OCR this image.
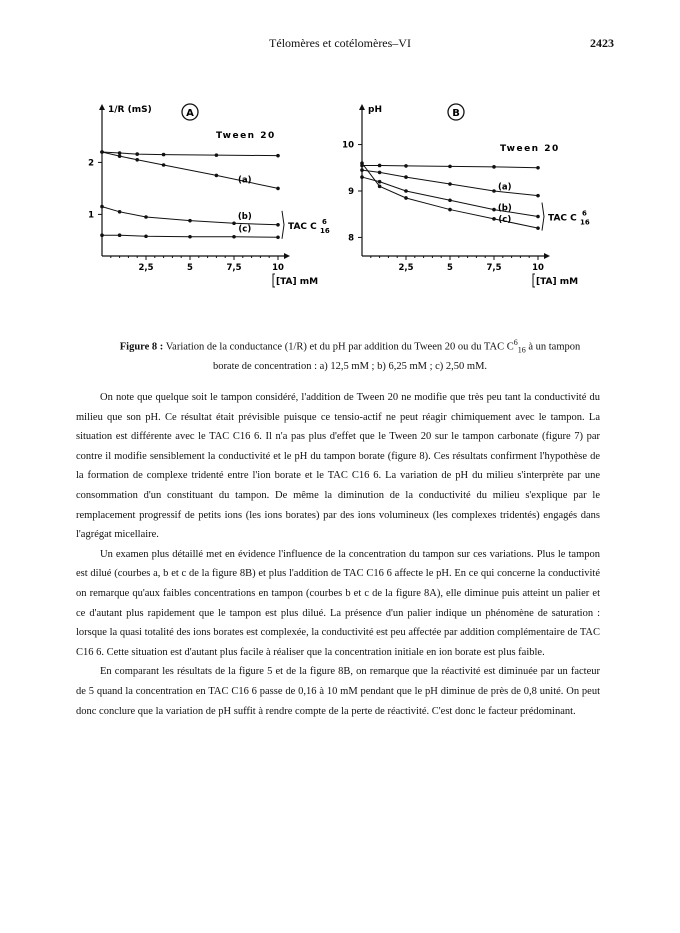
Télomères et cotélomères–VI	2423
1/R (mS)	A
2,5	5	7,5	10
1
2
[TA] mM
Tween 20
(a)
(b)
(c)	TAC C 16
6
pH	B
2,5	5	7,5	10
8
9
10
[TA] mM
Tween 20
(a)
(b)
(c)	TAC C 16
6
Figure 8 : Variation de la conductance (1/R) et du pH par addition du Tween 20 ou du TAC $C^6_{16}$ à un tampon
borate de concentration : a) 12,5 mM ; b) 6,25 mM ; c) 2,50 mM.

On note que quelque soit le tampon considéré, l'addition de Tween 20 ne modifie que très peu tant la conductivité du milieu que son pH. Ce résultat était prévisible puisque ce tensio-actif ne peut réagir chimiquement avec le tampon. La situation est différente avec le TAC C16 6. Il n'a pas plus d'effet que le Tween 20 sur le tampon carbonate (figure 7) par contre il modifie sensiblement la conductivité et le pH du tampon borate (figure 8). Ces résultats confirment l'hypothèse de la formation de complexe tridenté entre l'ion borate et le TAC C16 6. La variation de pH du milieu s'interprète par une consommation d'un constituant du tampon. De même la diminution de la conductivité du milieu s'explique par le remplacement progressif de petits ions (les ions borates) par des ions volumineux (les complexes tridentés) engagés dans l'agrégat micellaire.

Un examen plus détaillé met en évidence l'influence de la concentration du tampon sur ces variations. Plus le tampon est dilué (courbes a, b et c de la figure 8B) et plus l'addition de TAC C16 6 affecte le pH. En ce qui concerne la conductivité on remarque qu'aux faibles concentrations en tampon (courbes b et c de la figure 8A), elle diminue puis atteint un palier et ce d'autant plus rapidement que le tampon est plus dilué. La présence d'un palier indique un phénomène de saturation : lorsque la quasi totalité des ions borates est complexée, la conductivité est peu affectée par addition complémentaire de TAC C16 6. Cette situation est d'autant plus facile à réaliser que la concentration initiale en ion borate est plus faible.

En comparant les résultats de la figure 5 et de la figure 8B, on remarque que la réactivité est diminuée par un facteur de 5 quand la concentration en TAC C16 6 passe de 0,16 à 10 mM pendant que le pH diminue de près de 0,8 unité. On peut donc conclure que la variation de pH suffit à rendre compte de la perte de réactivité. C'est donc le facteur prédominant.
